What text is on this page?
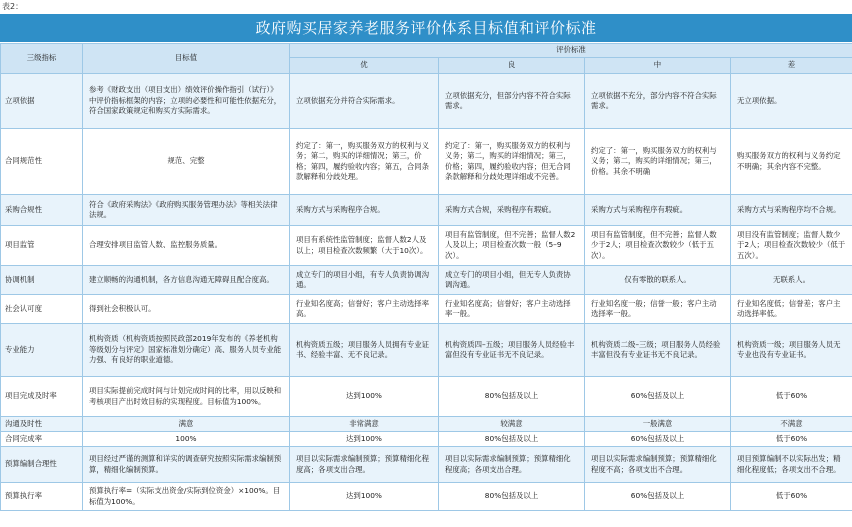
表2：
政府购买居家养老服务评价体系目标值和评价标准
三级指标	目标值	评价标准			
		优	良	中	差
立项依据	参考《财政支出（项目支出）绩效评价操作指引（试行）》中评价指标框架的内容；立项的必要性和可能性依据充分，符合国家政策规定和购买方实际需求。	立项依据充分并符合实际需求。	立项依据充分，但部分内容不符合实际需求。	立项依据不充分，部分内容不符合实际需求。	无立项依据。
合同规范性	规范、完整	约定了：第一，购买服务双方的权利与义务；第二，购买的详细情况；第三，价格；第四，履约验收内容；第五，合同条款解释和分歧处理。	约定了：第一，购买服务双方的权利与义务；第二，购买的详细情况；第三，价格；第四，履约验收内容；但无合同条款解释和分歧处理详细或不完善。	约定了：第一，购买服务双方的权利与义务；第二，购买的详细情况；第三，价格。其余不明确	购买服务双方的权利与义务约定不明确；其余内容不完整。
采购合规性	符合《政府采购法》《政府购买服务管理办法》等相关法律法规。	采购方式与采购程序合规。	采购方式合规，采购程序有瑕疵。	采购方式与采购程序有瑕疵。	采购方式与采购程序均不合规。
项目监管	合理安排项目监管人数、监控服务质量。	项目有系统性监管制度；监督人数2人及以上；项目检查次数频繁（大于10次）。	项目有监管制度，但不完善；监督人数2人及以上；项目检查次数一般（5–9次）。	项目有监管制度，但不完善；监督人数少于2人；项目检查次数较少（低于五次）。	项目没有监管制度；监督人数少于2人；项目检查次数较少（低于五次）。
协调机制	建立顺畅的沟通机制，各方信息沟通无障碍且配合度高。	成立专门的项目小组，有专人负责协调沟通。	成立专门的项目小组，但无专人负责协调沟通。	仅有零散的联系人。	无联系人。
社会认可度	得到社会积极认可。	行业知名度高；信誉好；客户主动选择率高。	行业知名度高；信誉好；客户主动选择率一般。	行业知名度一般；信誉一般；客户主动选择率一般。	行业知名度低；信誉差；客户主动选择率低。
专业能力	机构资质（机构资质按照民政部2019年发布的《养老机构等级划分与评定》国家标准划分确定）高、服务人员专业能力强、有良好的职业道德。	机构资质五级；项目服务人员拥有专业证书、经验丰富、无不良记录。	机构资质四–五级；项目服务人员经验丰富但没有专业证书无不良记录。	机构资质二级–三级；项目服务人员经验丰富但没有专业证书无不良记录。	机构资质一级；项目服务人员无专业也没有专业证书。
项目完成及时率	项目实际提前完成时间与计划完成时间的比率，用以反映和考核项目产出时效目标的实现程度。目标值为100%。	达到100%	80%包括及以上	60%包括及以上	低于60%
沟通及时性	满意	非常满意	较满意	一般满意	不满意
合同完成率	100%	达到100%	80%包括及以上	60%包括及以上	低于60%
预算编制合理性	项目经过严谨的测算和详实的调查研究按照实际需求编制预算，精细化编制预算。	项目以实际需求编制预算；预算精细化程度高；各项支出合理。	项目以实际需求编制预算；预算精细化程度高；各项支出合理。	项目以实际需求编制预算；预算精细化程度不高；各项支出不合理。	项目预算编制不以实际出发；精细化程度低；各项支出不合理。
预算执行率	预算执行率=（实际支出资金/实际到位资金）×100%。目标值为100%。	达到100%	80%包括及以上	60%包括及以上	低于60%
